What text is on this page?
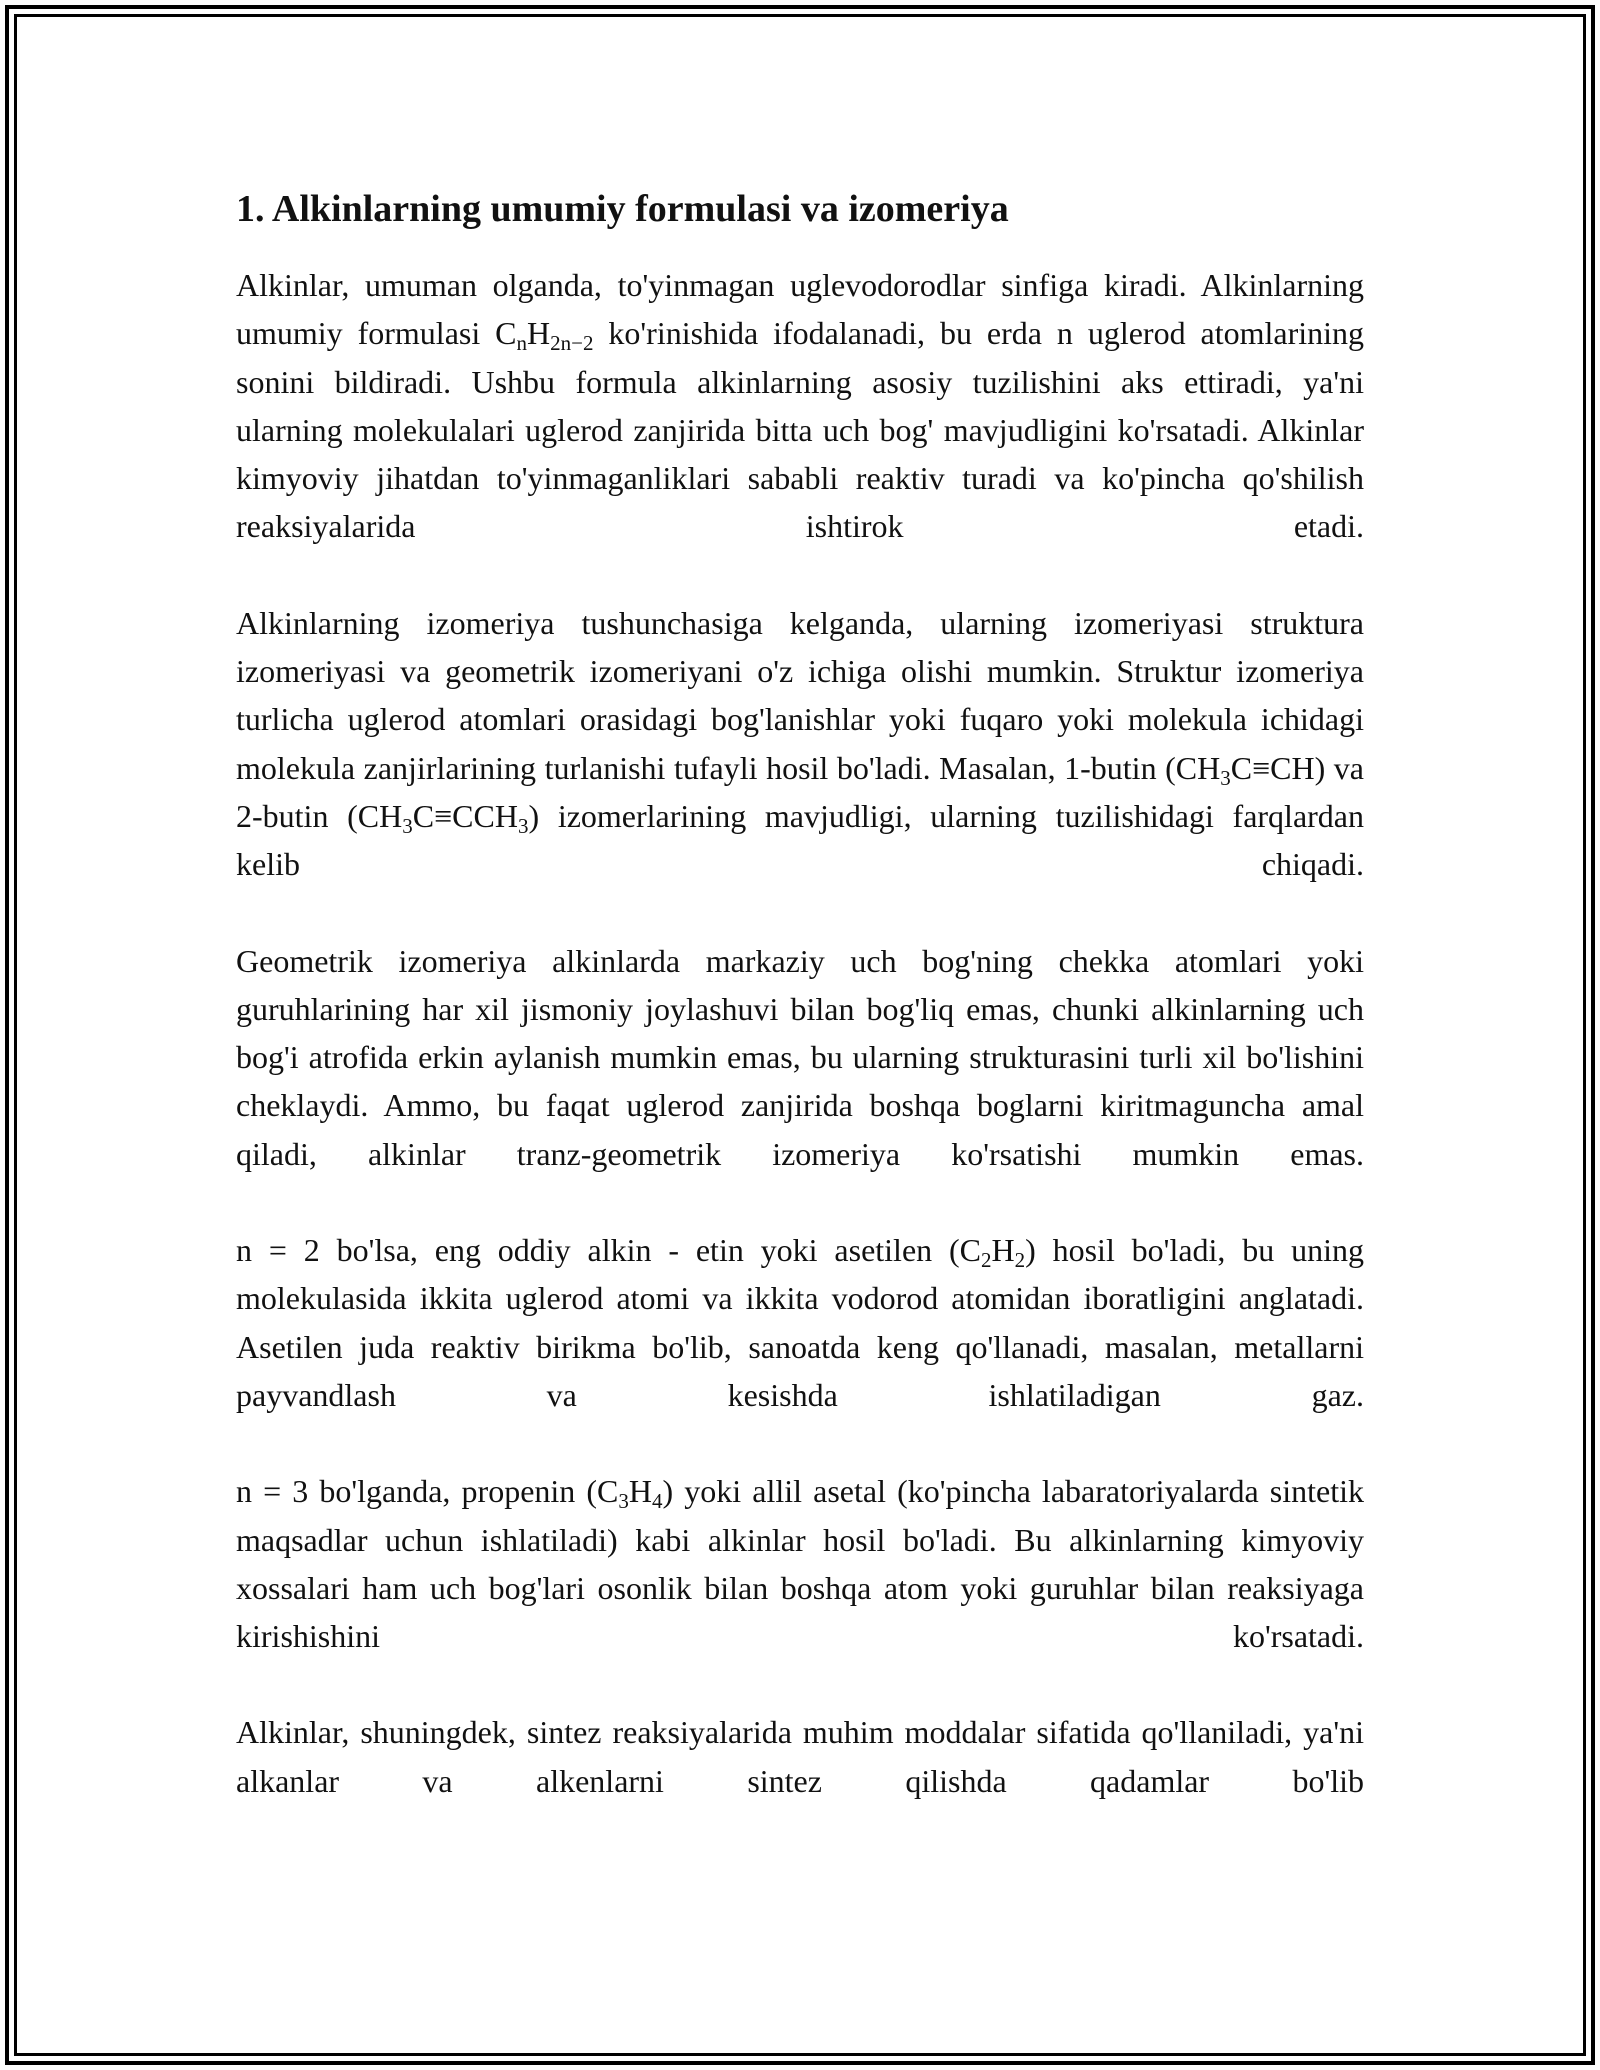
1. Alkinlarning umumiy formulasi va izomeriya

Alkinlar, umuman olganda, to'yinmagan uglevodorodlar sinfiga kiradi. Alkinlarning umumiy formulasi $C_nH_{2n-2}$ ko'rinishida ifodalanadi, bu erda n uglerod atomlarining sonini bildiradi. Ushbu formula alkinlarning asosiy tuzilishini aks ettiradi, ya'ni ularning molekulalari uglerod zanjirida bitta uch bog' mavjudligini ko'rsatadi. Alkinlar kimyoviy jihatdan to'yinmaganliklari sababli reaktiv turadi va ko'pincha qo'shilish reaksiyalarida ishtirok etadi.

Alkinlarning izomeriya tushunchasiga kelganda, ularning izomeriyasi struktura izomeriyasi va geometrik izomeriyani o'z ichiga olishi mumkin. Struktur izomeriya turlicha uglerod atomlari orasidagi bog'lanishlar yoki fuqaro yoki molekula ichidagi molekula zanjirlarining turlanishi tufayli hosil bo'ladi. Masalan, 1-butin $(CH_3C\equiv CH)$ va 2-butin $(CH_3C\equiv CCH_3)$ izomerlarining mavjudligi, ularning tuzilishidagi farqlardan kelib chiqadi.

Geometrik izomeriya alkinlarda markaziy uch bog'ning chekka atomlari yoki guruhlarining har xil jismoniy joylashuvi bilan bog'liq emas, chunki alkinlarning uch bog'i atrofida erkin aylanish mumkin emas, bu ularning strukturasini turli xil bo'lishini cheklaydi. Ammo, bu faqat uglerod zanjirida boshqa boglarni kiritmaguncha amal qiladi, alkinlar tranz-geometrik izomeriya ko'rsatishi mumkin emas.

n = 2 bo'lsa, eng oddiy alkin - etin yoki asetilen $(C_2H_2)$ hosil bo'ladi, bu uning molekulasida ikkita uglerod atomi va ikkita vodorod atomidan iboratligini anglatadi. Asetilen juda reaktiv birikma bo'lib, sanoatda keng qo'llanadi, masalan, metallarni payvandlash va kesishda ishlatiladigan gaz.

n = 3 bo'lganda, propenin $(C_3H_4)$ yoki allil asetal (ko'pincha labaratoriyalarda sintetik maqsadlar uchun ishlatiladi) kabi alkinlar hosil bo'ladi. Bu alkinlarning kimyoviy xossalari ham uch bog'lari osonlik bilan boshqa atom yoki guruhlar bilan reaksiyaga kirishishini ko'rsatadi.

Alkinlar, shuningdek, sintez reaksiyalarida muhim moddalar sifatida qo'llaniladi, ya'ni alkanlar va alkenlarni sintez qilishda qadamlar bo'lib
